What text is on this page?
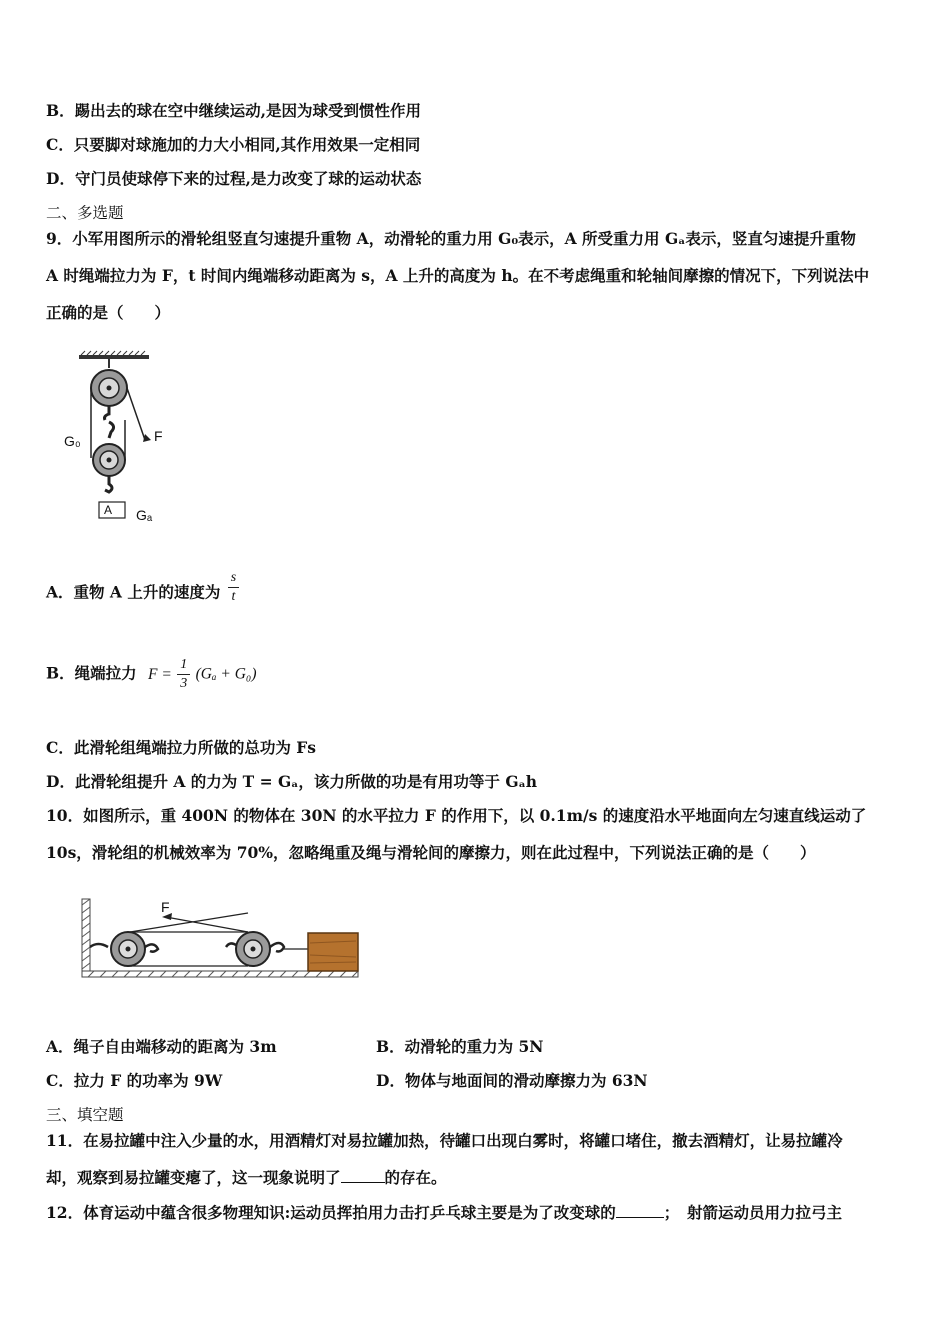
B．踢出去的球在空中继续运动,是因为球受到惯性作用
C．只要脚对球施加的力大小相同,其作用效果一定相同
D．守门员使球停下来的过程,是力改变了球的运动状态
二、多选题
9．小军用图所示的滑轮组竖直匀速提升重物 A，动滑轮的重力用 G₀表示，A 所受重力用 Gₐ表示，竖直匀速提升重物
A 时绳端拉力为 F，t 时间内绳端移动距离为 s，A 上升的高度为 h。在不考虑绳重和轮轴间摩擦的情况下，下列说法中
正确的是（　　）
G₀	F
A Gₐ
A．重物 A 上升的速度为 $\frac{s}{t}$
B．绳端拉力 $F = \frac{1}{3} (G_a + G_0)$
C．此滑轮组绳端拉力所做的总功为 Fs
D．此滑轮组提升 A 的力为 T = Gₐ，该力所做的功是有用功等于 Gₐh
10．如图所示，重 400N 的物体在 30N 的水平拉力 F 的作用下，以 0.1m/s 的速度沿水平地面向左匀速直线运动了
10s，滑轮组的机械效率为 70%，忽略绳重及绳与滑轮间的摩擦力，则在此过程中，下列说法正确的是（　　）
F
A．绳子自由端移动的距离为 3m	B．动滑轮的重力为 5N
C．拉力 F 的功率为 9W	D．物体与地面间的滑动摩擦力为 63N
三、填空题
11．在易拉罐中注入少量的水，用酒精灯对易拉罐加热，待罐口出现白雾时，将罐口堵住，撤去酒精灯，让易拉罐冷
却，观察到易拉罐变瘪了，这一现象说明了	的存在。
12．体育运动中蕴含很多物理知识:运动员挥拍用力击打乒乓球主要是为了改变球的	；　射箭运动员用力拉弓主
